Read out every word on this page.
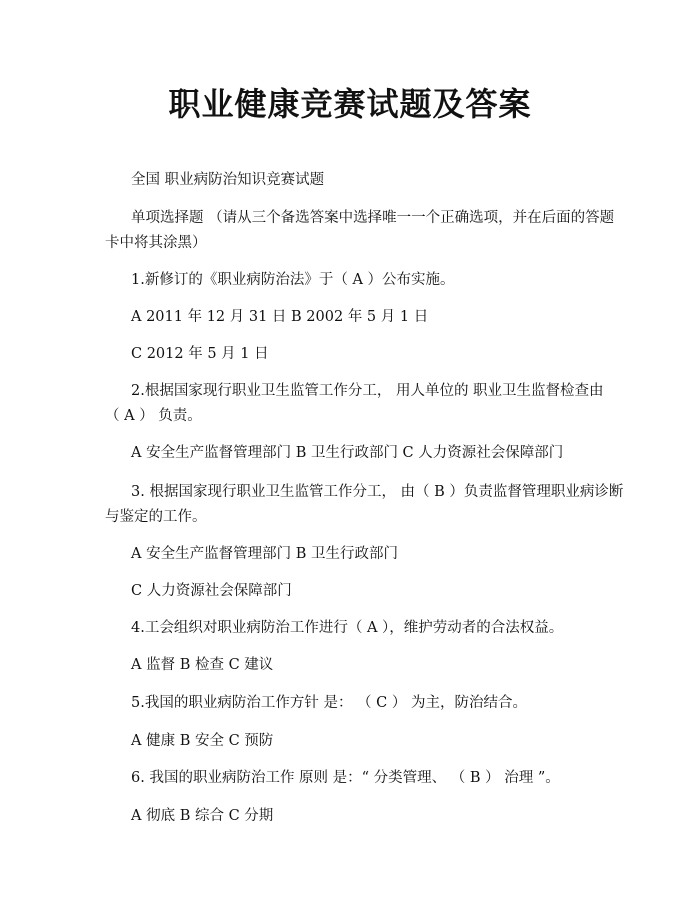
职业健康竞赛试题及答案
全国 职业病防治知识竞赛试题
单项选择题 （请从三个备选答案中选择唯一一个正确选项，并在后面的答题
卡中将其涂黑）
1.新修订的《职业病防治法》于（ A ）公布实施。
A 2011 年 12 月 31 日 B 2002 年 5 月 1 日
C 2012 年 5 月 1 日
2.根据国家现行职业卫生监管工作分工， 用人单位的 职业卫生监督检查由
（ A ） 负责。
A 安全生产监督管理部门 B 卫生行政部门 C 人力资源社会保障部门
3. 根据国家现行职业卫生监管工作分工， 由（ B ）负责监督管理职业病诊断
与鉴定的工作。
A 安全生产监督管理部门 B 卫生行政部门
C 人力资源社会保障部门
4.工会组织对职业病防治工作进行（ A ），维护劳动者的合法权益。
A 监督 B 检查 C 建议
5.我国的职业病防治工作方针 是： （ C ） 为主，防治结合。
A 健康 B 安全 C 预防
6. 我国的职业病防治工作 原则 是：“ 分类管理、 （ B ） 治理 ”。
A 彻底 B 综合 C 分期
